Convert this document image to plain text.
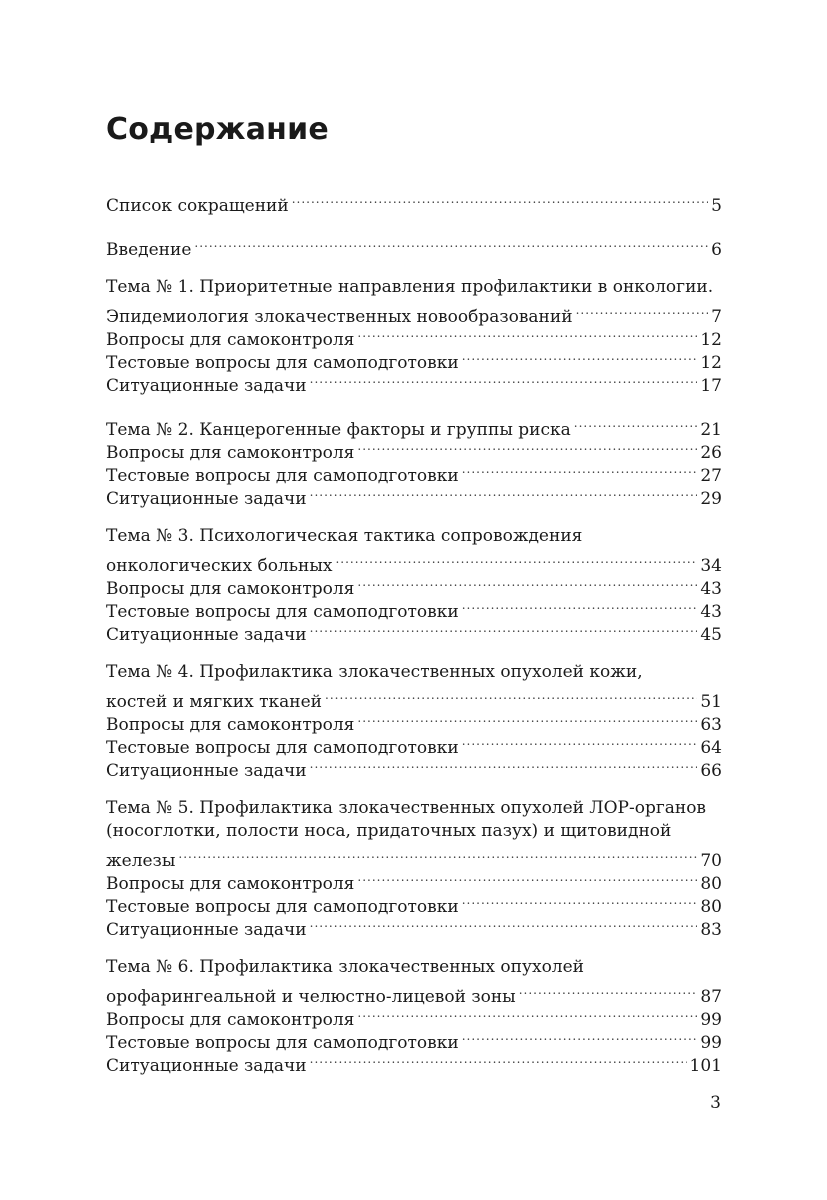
Содержание
Список сокращений .....	5
Введение .....	6
Тема № 1. Приоритетные направления профилактики в онкологии.
Эпидемиология злокачественных новообразований .....	7
Вопросы для самоконтроля .....	12
Тестовые вопросы для самоподготовки .....	12
Ситуационные задачи .....	17
Тема № 2. Канцерогенные факторы и группы риска .....	21
Вопросы для самоконтроля .....	26
Тестовые вопросы для самоподготовки .....	27
Ситуационные задачи .....	29
Тема № 3. Психологическая тактика сопровождения
онкологических больных .....	34
Вопросы для самоконтроля .....	43
Тестовые вопросы для самоподготовки .....	43
Ситуационные задачи .....	45
Тема № 4. Профилактика злокачественных опухолей кожи,
костей и мягких тканей .....	51
Вопросы для самоконтроля .....	63
Тестовые вопросы для самоподготовки .....	64
Ситуационные задачи .....	66
Тема № 5. Профилактика злокачественных опухолей ЛОР-органов
(носоглотки, полости носа, придаточных пазух) и щитовидной
железы .....	70
Вопросы для самоконтроля .....	80
Тестовые вопросы для самоподготовки .....	80
Ситуационные задачи .....	83
Тема № 6. Профилактика злокачественных опухолей
орофарингеальной и челюстно-лицевой зоны .....	87
Вопросы для самоконтроля .....	99
Тестовые вопросы для самоподготовки .....	99
Ситуационные задачи .....	101
3
